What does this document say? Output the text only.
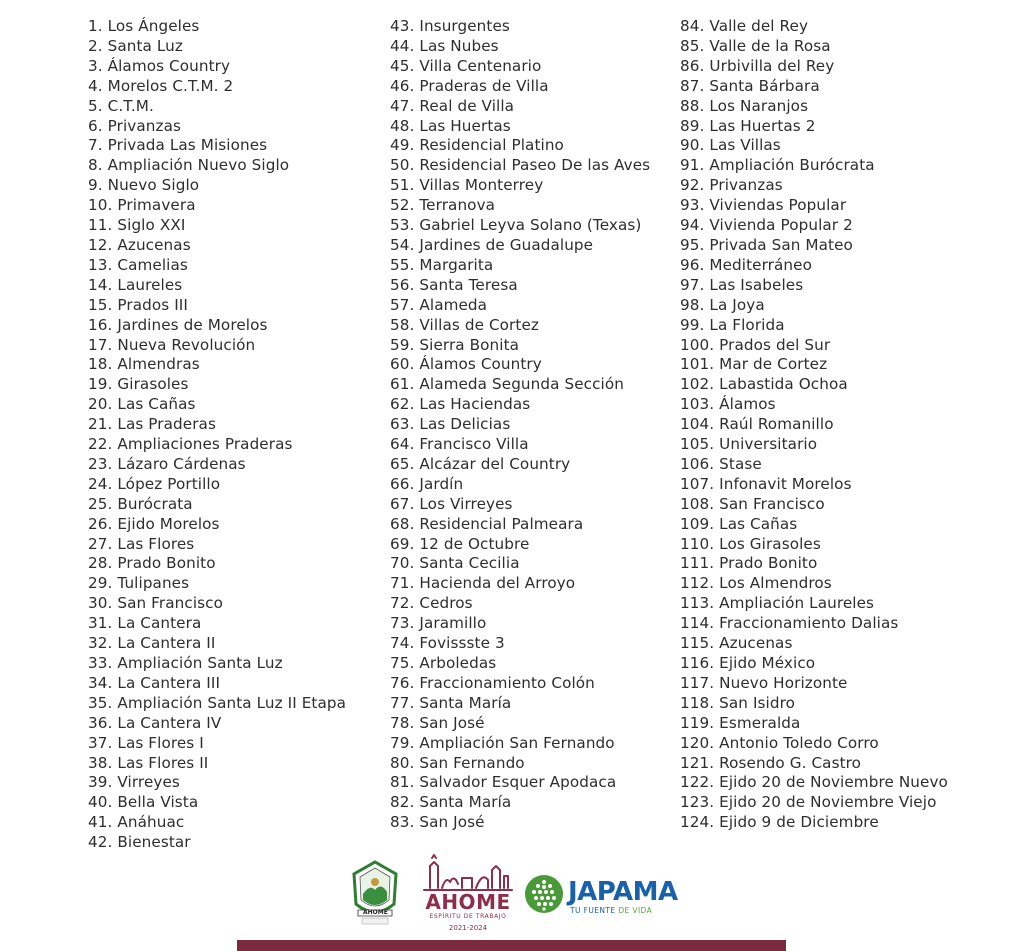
1. Los Ángeles
2. Santa Luz
3. Álamos Country
4. Morelos C.T.M. 2
5. C.T.M.
6. Privanzas
7. Privada Las Misiones
8. Ampliación Nuevo Siglo
9. Nuevo Siglo
10. Primavera
11. Siglo XXI
12. Azucenas
13. Camelias
14. Laureles
15. Prados III
16. Jardines de Morelos
17. Nueva Revolución
18. Almendras
19. Girasoles
20. Las Cañas
21. Las Praderas
22. Ampliaciones Praderas
23. Lázaro Cárdenas
24. López Portillo
25. Burócrata
26. Ejido Morelos
27. Las Flores
28. Prado Bonito
29. Tulipanes
30. San Francisco
31. La Cantera
32. La Cantera II
33. Ampliación Santa Luz
34. La Cantera III
35. Ampliación Santa Luz II Etapa
36. La Cantera IV
37. Las Flores I
38. Las Flores II
39. Virreyes
40. Bella Vista
41. Anáhuac
42. Bienestar
43. Insurgentes
44. Las Nubes
45. Villa Centenario
46. Praderas de Villa
47. Real de Villa
48. Las Huertas
49. Residencial Platino
50. Residencial Paseo De las Aves
51. Villas Monterrey
52. Terranova
53. Gabriel Leyva Solano (Texas)
54. Jardines de Guadalupe
55. Margarita
56. Santa Teresa
57. Alameda
58. Villas de Cortez
59. Sierra Bonita
60. Álamos Country
61. Alameda Segunda Sección
62. Las Haciendas
63. Las Delicias
64. Francisco Villa
65. Alcázar del Country
66. Jardín
67. Los Virreyes
68. Residencial Palmeara
69. 12 de Octubre
70. Santa Cecilia
71. Hacienda del Arroyo
72. Cedros
73. Jaramillo
74. Fovissste 3
75. Arboledas
76. Fraccionamiento Colón
77. Santa María
78. San José
79. Ampliación San Fernando
80. San Fernando
81. Salvador Esquer Apodaca
82. Santa María
83. San José
84. Valle del Rey
85. Valle de la Rosa
86. Urbivilla del Rey
87. Santa Bárbara
88. Los Naranjos
89. Las Huertas 2
90. Las Villas
91. Ampliación Burócrata
92. Privanzas
93. Viviendas Popular
94. Vivienda Popular 2
95. Privada San Mateo
96. Mediterráneo
97. Las Isabeles
98. La Joya
99. La Florida
100. Prados del Sur
101. Mar de Cortez
102. Labastida Ochoa
103. Álamos
104. Raúl Romanillo
105. Universitario
106. Stase
107. Infonavit Morelos
108. San Francisco
109. Las Cañas
110. Los Girasoles
111. Prado Bonito
112. Los Almendros
113. Ampliación Laureles
114. Fraccionamiento Dalias
115. Azucenas
116. Ejido México
117. Nuevo Horizonte
118. San Isidro
119. Esmeralda
120. Antonio Toledo Corro
121. Rosendo G. Castro
122. Ejido 20 de Noviembre Nuevo
123. Ejido 20 de Noviembre Viejo
124. Ejido 9 de Diciembre
AHOME AHOME
ESPÍRITU DE TRABAJO
2021-2024
JAPAMA
TU FUENTE DE VIDA
